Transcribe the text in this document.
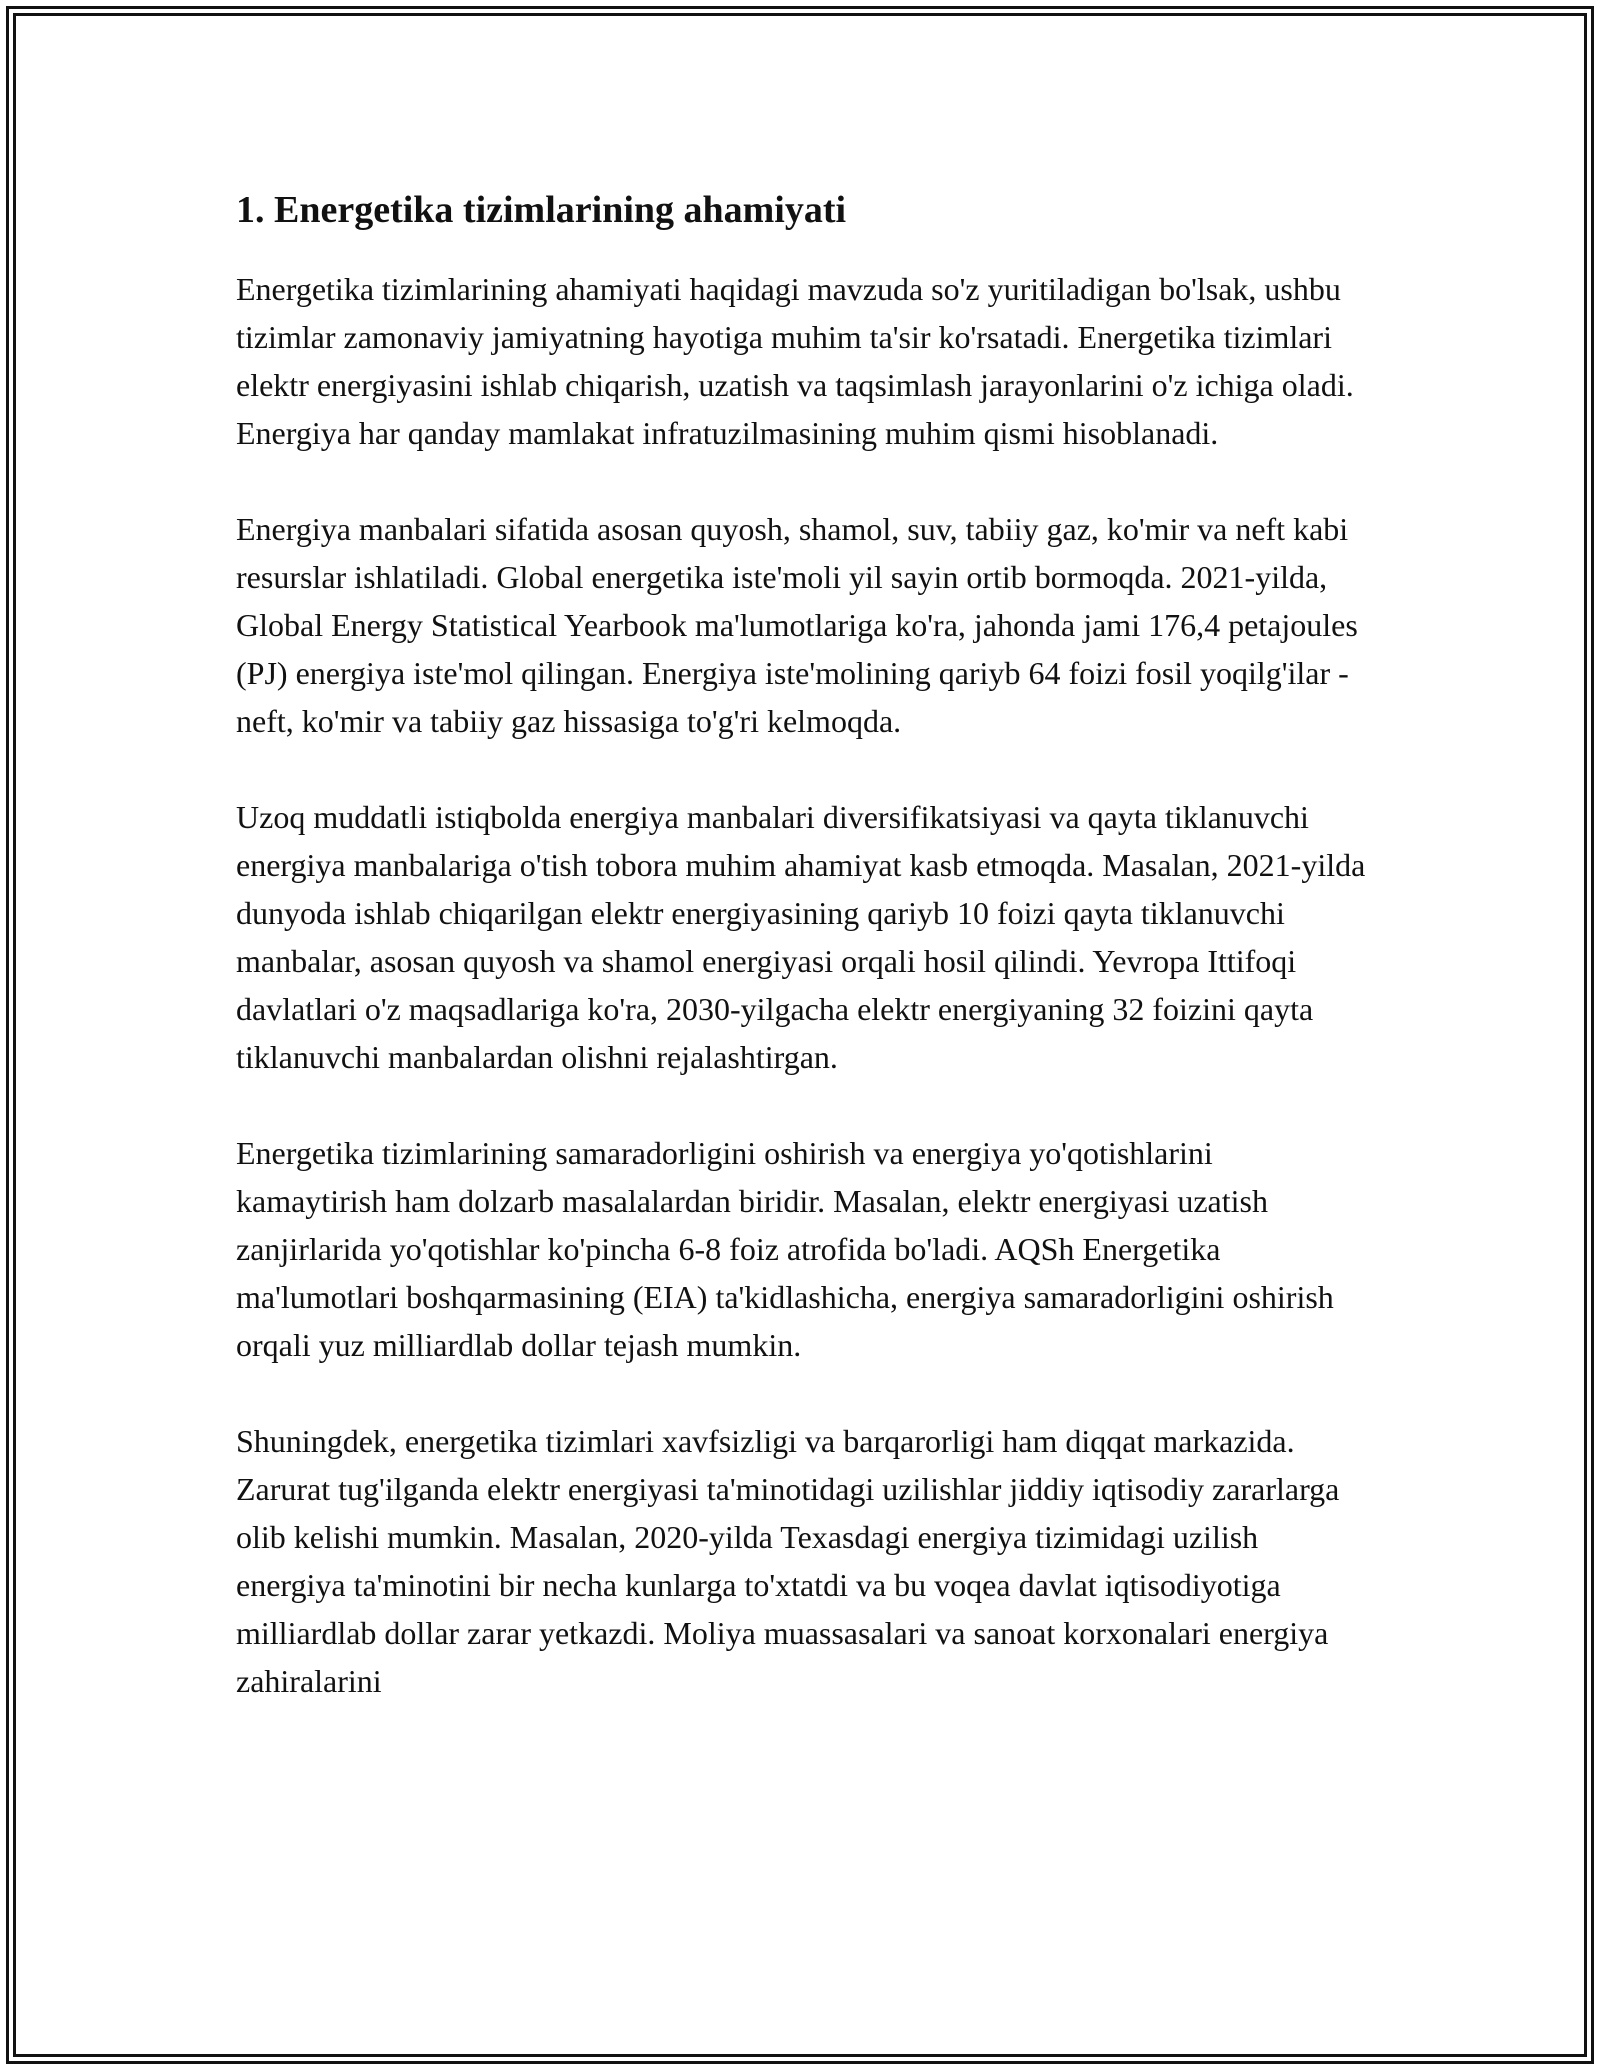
1. Energetika tizimlarining ahamiyati

Energetika tizimlarining ahamiyati haqidagi mavzuda so'z yuritiladigan bo'lsak, ushbu tizimlar zamonaviy jamiyatning hayotiga muhim ta'sir ko'rsatadi. Energetika tizimlari elektr energiyasini ishlab chiqarish, uzatish va taqsimlash jarayonlarini o'z ichiga oladi. Energiya har qanday mamlakat infratuzilmasining muhim qismi hisoblanadi.

Energiya manbalari sifatida asosan quyosh, shamol, suv, tabiiy gaz, ko'mir va neft kabi resurslar ishlatiladi. Global energetika iste'moli yil sayin ortib bormoqda. 2021-yilda, Global Energy Statistical Yearbook ma'lumotlariga ko'ra, jahonda jami 176,4 petajoules (PJ) energiya iste'mol qilingan. Energiya iste'molining qariyb 64 foizi fosil yoqilg'ilar - neft, ko'mir va tabiiy gaz hissasiga to'g'ri kelmoqda.

Uzoq muddatli istiqbolda energiya manbalari diversifikatsiyasi va qayta tiklanuvchi energiya manbalariga o'tish tobora muhim ahamiyat kasb etmoqda. Masalan, 2021-yilda dunyoda ishlab chiqarilgan elektr energiyasining qariyb 10 foizi qayta tiklanuvchi manbalar, asosan quyosh va shamol energiyasi orqali hosil qilindi. Yevropa Ittifoqi davlatlari o'z maqsadlariga ko'ra, 2030-yilgacha elektr energiyaning 32 foizini qayta tiklanuvchi manbalardan olishni rejalashtirgan.

Energetika tizimlarining samaradorligini oshirish va energiya yo'qotishlarini kamaytirish ham dolzarb masalalardan biridir. Masalan, elektr energiyasi uzatish zanjirlarida yo'qotishlar ko'pincha 6-8 foiz atrofida bo'ladi. AQSh Energetika ma'lumotlari boshqarmasining (EIA) ta'kidlashicha, energiya samaradorligini oshirish orqali yuz milliardlab dollar tejash mumkin.

Shuningdek, energetika tizimlari xavfsizligi va barqarorligi ham diqqat markazida. Zarurat tug'ilganda elektr energiyasi ta'minotidagi uzilishlar jiddiy iqtisodiy zararlarga olib kelishi mumkin. Masalan, 2020-yilda Texasdagi energiya tizimidagi uzilish energiya ta'minotini bir necha kunlarga to'xtatdi va bu voqea davlat iqtisodiyotiga milliardlab dollar zarar yetkazdi. Moliya muassasalari va sanoat korxonalari energiya zahiralarini
